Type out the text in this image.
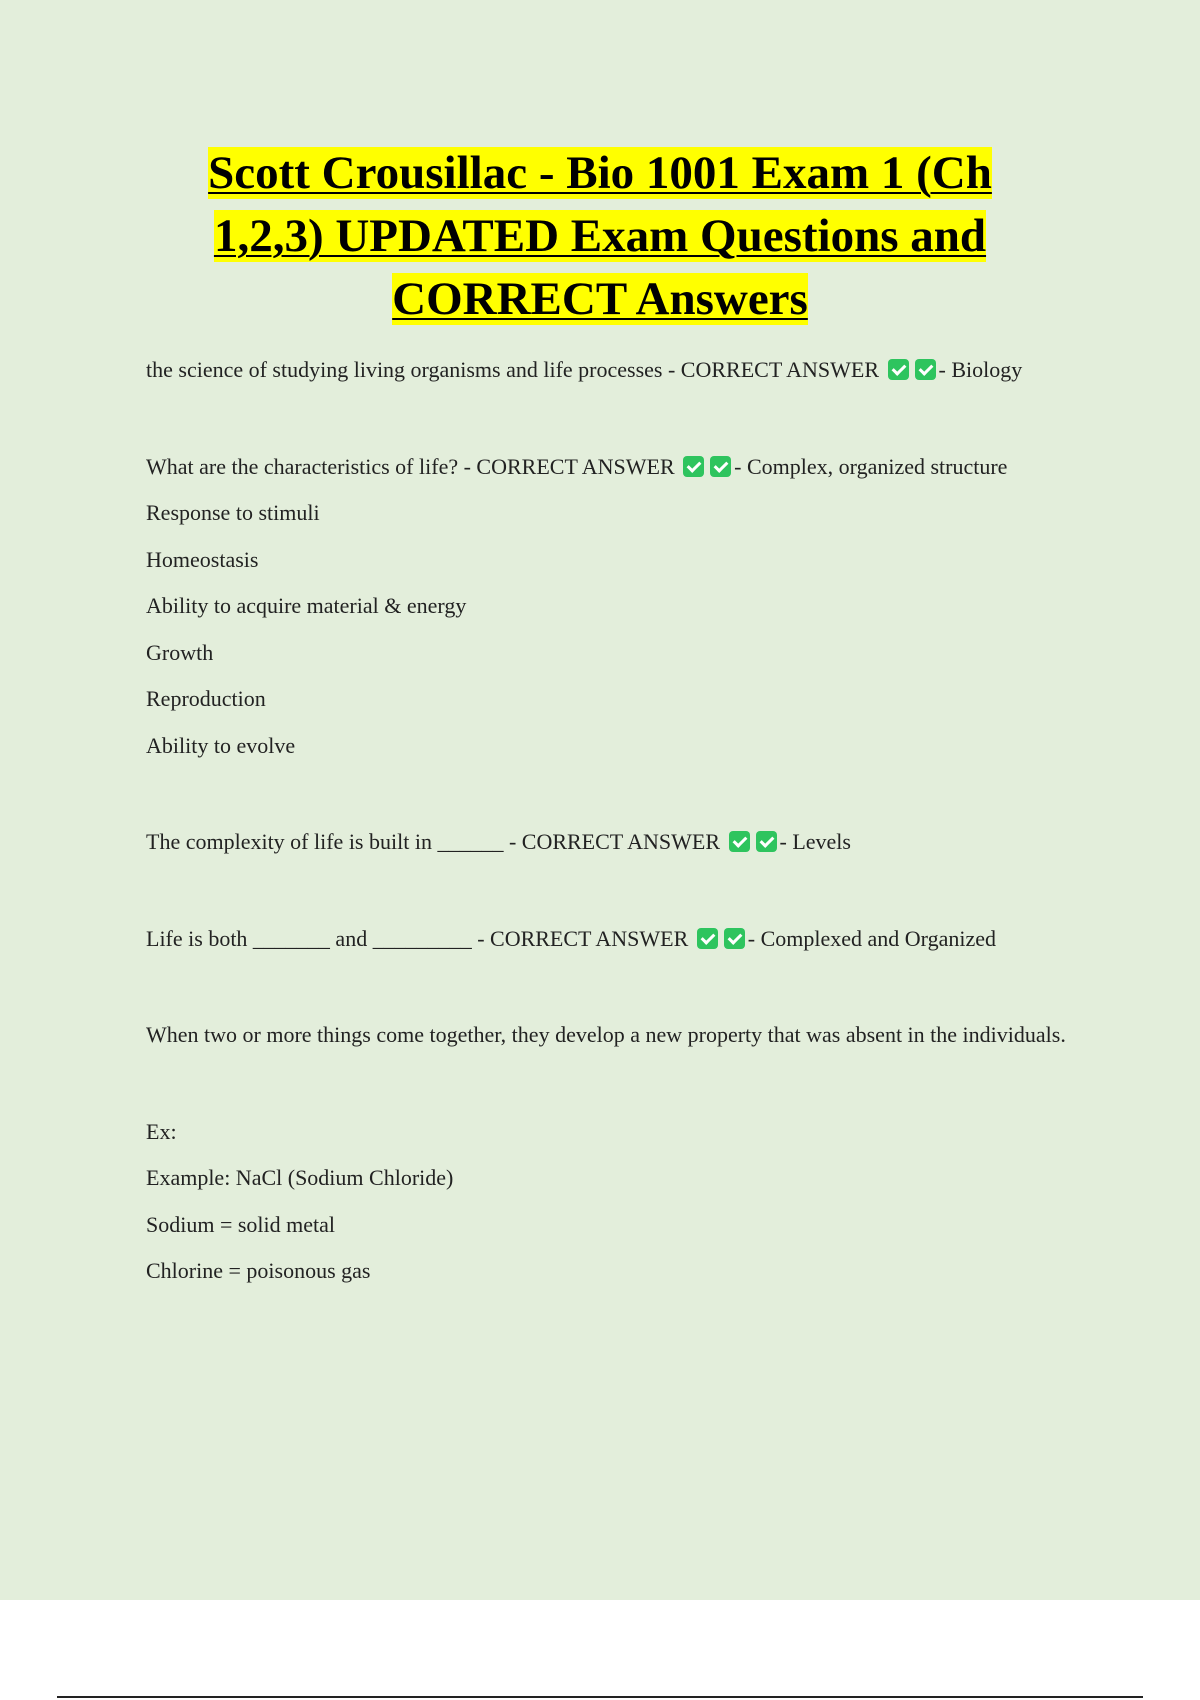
Scott Crousillac - Bio 1001 Exam 1 (Ch
1,2,3) UPDATED Exam Questions and
CORRECT Answers

the science of studying living organisms and life processes - CORRECT ANSWER	- Biology

What are the characteristics of life? - CORRECT ANSWER	- Complex, organized structure

Response to stimuli

Homeostasis

Ability to acquire material & energy

Growth

Reproduction

Ability to evolve

The complexity of life is built in ______ - CORRECT ANSWER	- Levels

Life is both _______ and _________ - CORRECT ANSWER	- Complexed and Organized

When two or more things come together, they develop a new property that was absent in the individuals.

Ex:

Example: NaCl (Sodium Chloride)

Sodium = solid metal

Chlorine = poisonous gas
